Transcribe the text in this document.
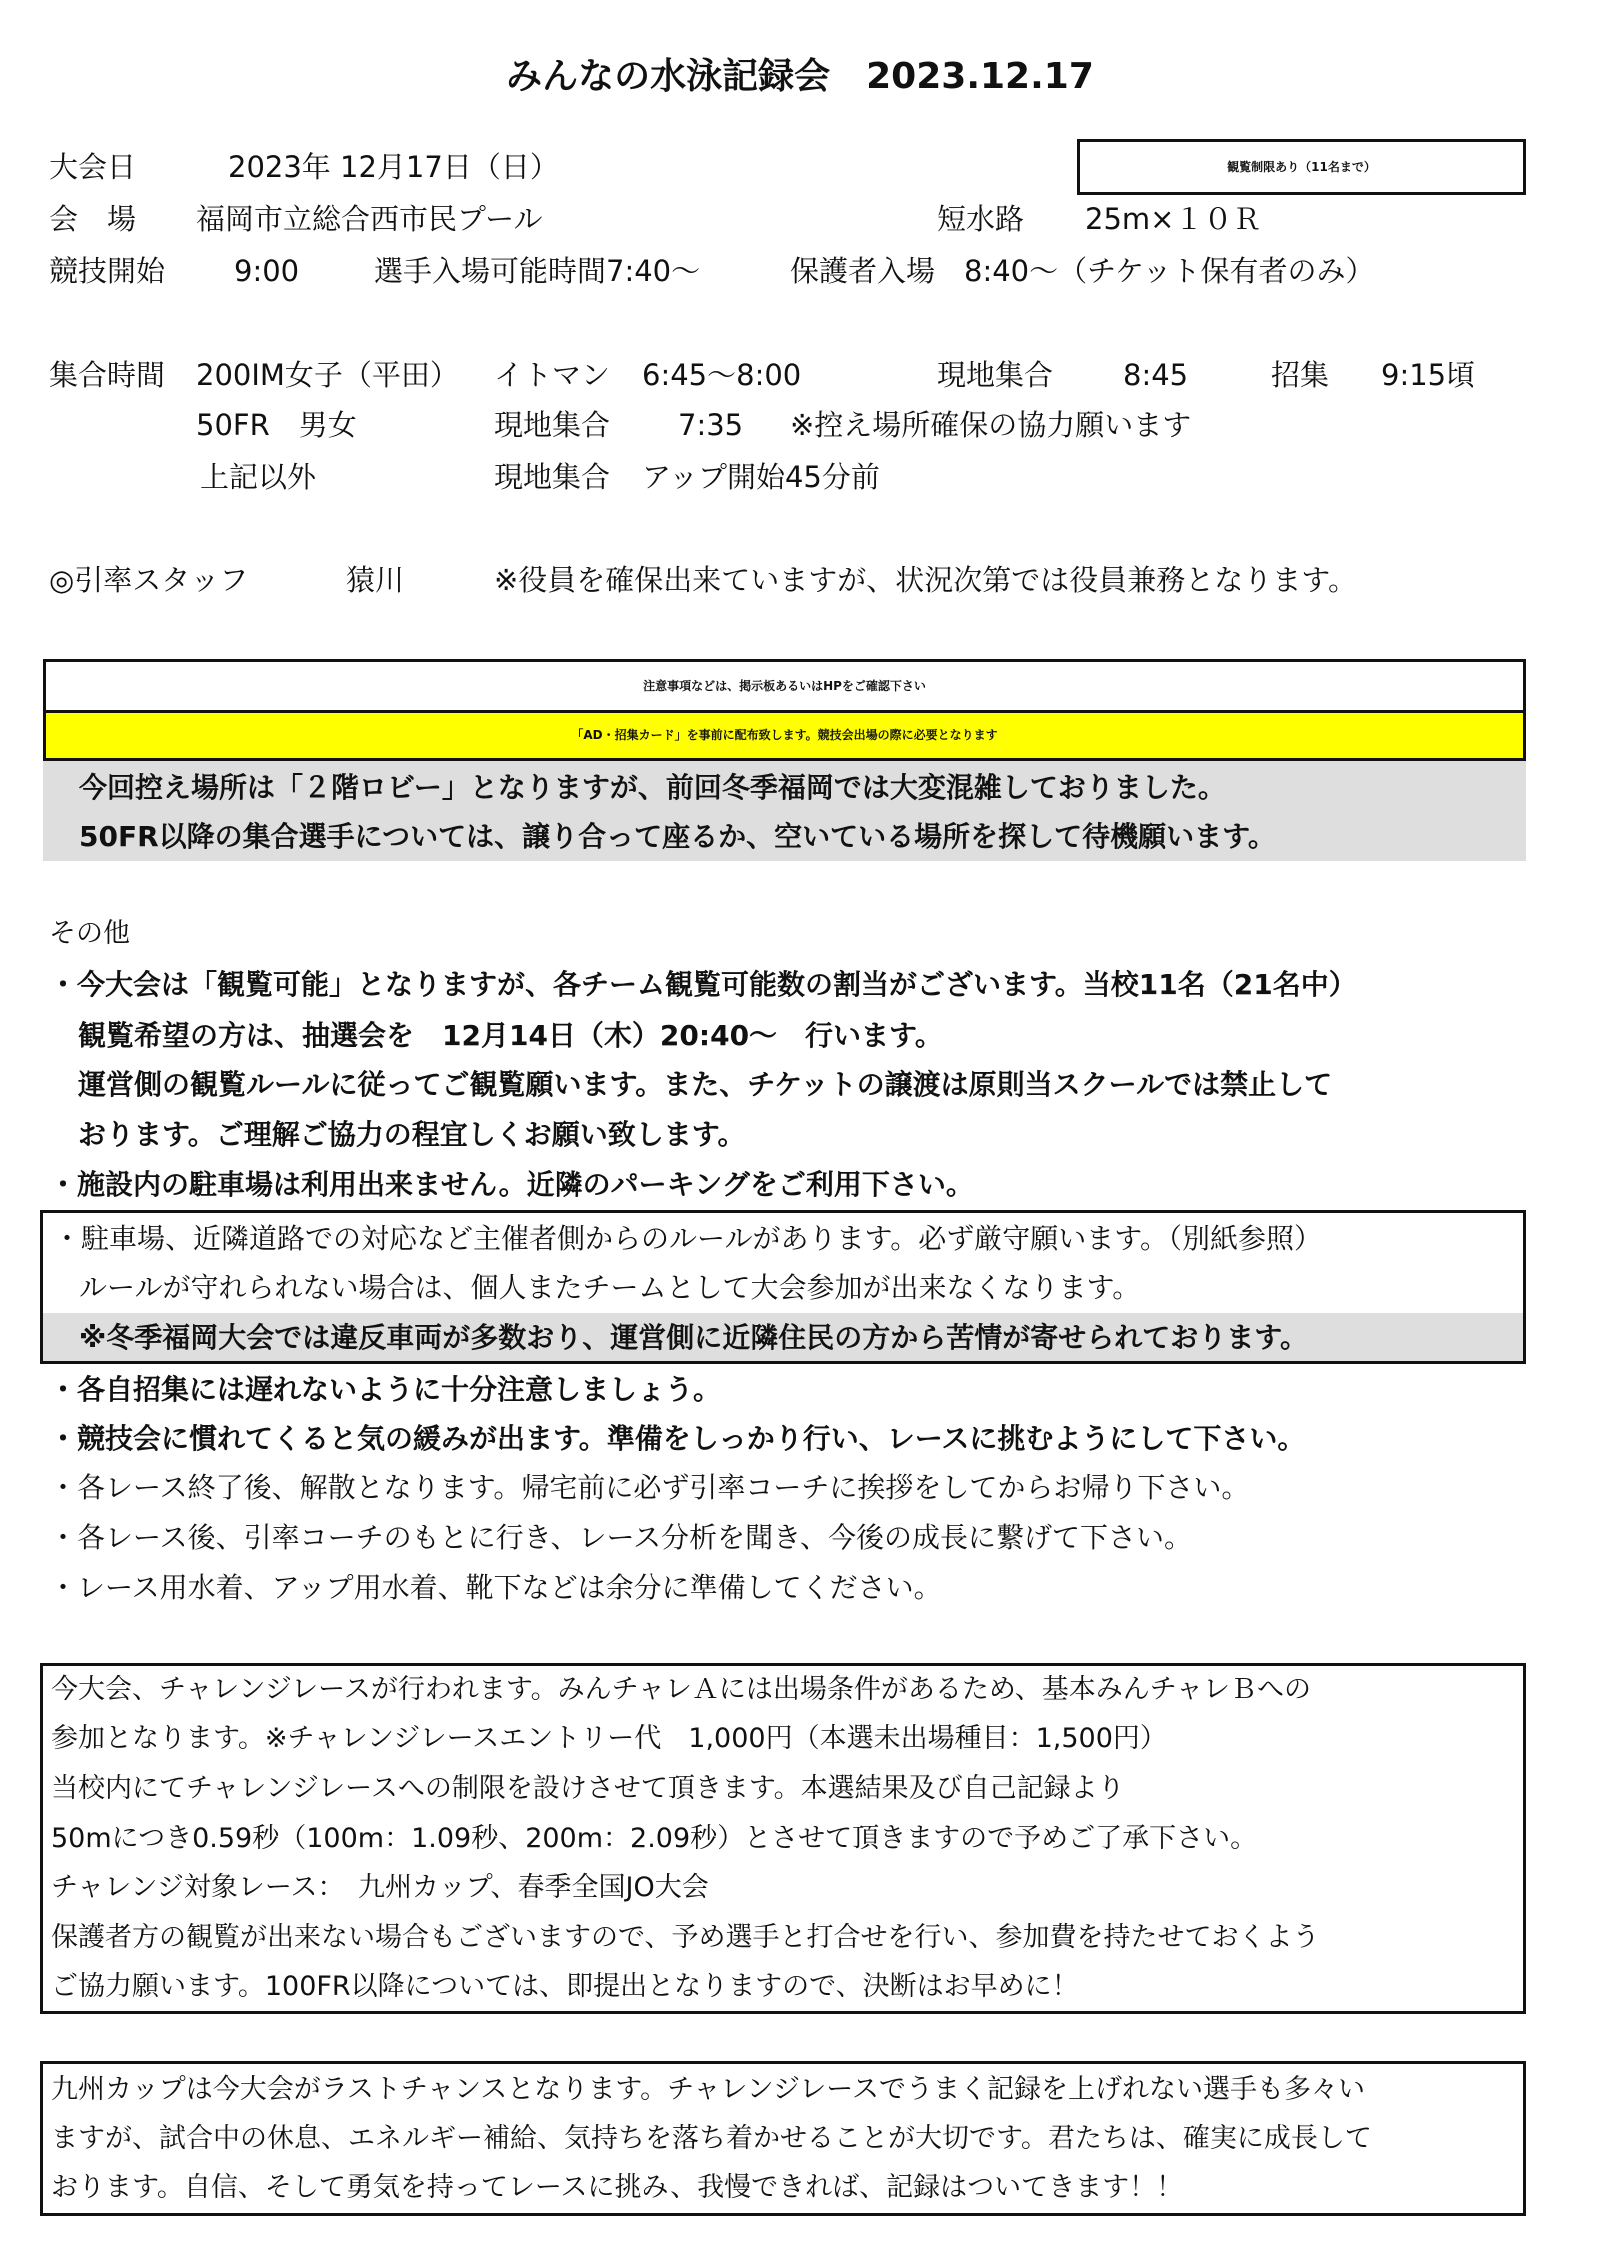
みんなの水泳記録会　2023.12.17
観覧制限あり（11名まで）
大会日	2023年 12月17日（日）
会　場 福岡市立総合西市民プール	短水路 25m×１０Ｒ
競技開始 9:00	選手入場可能時間7:40〜	保護者入場　8:40〜（チケット保有者のみ）
集合時間 200IM女子（平田） イトマン 6:45〜8:00	現地集合 8:45	招集 9:15頃
50FR　男女	現地集合 7:35 ※控え場所確保の協力願います
上記以外	現地集合 アップ開始45分前
◎引率スタッフ	猿川	※役員を確保出来ていますが、状況次第では役員兼務となります。
注意事項などは、掲示板あるいはHPをご確認下さい
「AD・招集カード」を事前に配布致します。競技会出場の際に必要となります
今回控え場所は「２階ロビー」となりますが、前回冬季福岡では大変混雑しておりました。
50FR以降の集合選手については、譲り合って座るか、空いている場所を探して待機願います。
その他
・今大会は「観覧可能」となりますが、各チーム観覧可能数の割当がございます。当校11名（21名中）
観覧希望の方は、抽選会を　12月14日（木）20:40〜　行います。
運営側の観覧ルールに従ってご観覧願います。また、チケットの譲渡は原則当スクールでは禁止して
おります。ご理解ご協力の程宜しくお願い致します。
・施設内の駐車場は利用出来ません。近隣のパーキングをご利用下さい。
・駐車場、近隣道路での対応など主催者側からのルールがあります。必ず厳守願います。（別紙参照）
ルールが守れられない場合は、個人またチームとして大会参加が出来なくなります。
※冬季福岡大会では違反車両が多数おり、運営側に近隣住民の方から苦情が寄せられております。
・各自招集には遅れないように十分注意しましょう。
・競技会に慣れてくると気の緩みが出ます。準備をしっかり行い、レースに挑むようにして下さい。
・各レース終了後、解散となります。帰宅前に必ず引率コーチに挨拶をしてからお帰り下さい。
・各レース後、引率コーチのもとに行き、レース分析を聞き、今後の成長に繋げて下さい。
・レース用水着、アップ用水着、靴下などは余分に準備してください。
今大会、チャレンジレースが行われます。みんチャレＡには出場条件があるため、基本みんチャレＢへの
参加となります。※チャレンジレースエントリー代　1,000円（本選未出場種目：1,500円）
当校内にてチャレンジレースへの制限を設けさせて頂きます。本選結果及び自己記録より
50mにつき0.59秒（100m：1.09秒、200m：2.09秒）とさせて頂きますので予めご了承下さい。
チャレンジ対象レース：　九州カップ、春季全国JO大会
保護者方の観覧が出来ない場合もございますので、予め選手と打合せを行い、参加費を持たせておくよう
ご協力願います。100FR以降については、即提出となりますので、決断はお早めに！
九州カップは今大会がラストチャンスとなります。チャレンジレースでうまく記録を上げれない選手も多々い
ますが、試合中の休息、エネルギー補給、気持ちを落ち着かせることが大切です。君たちは、確実に成長して
おります。自信、そして勇気を持ってレースに挑み、我慢できれば、記録はついてきます！！
